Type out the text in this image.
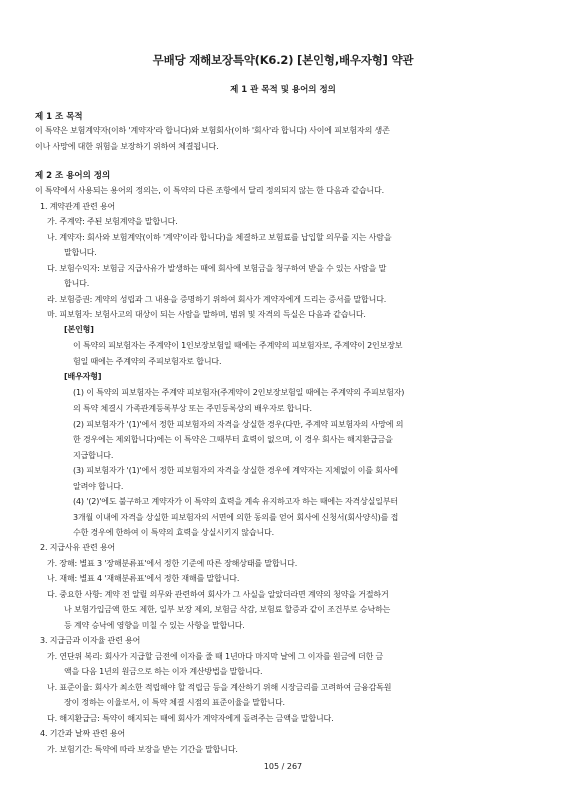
무배당 재해보장특약(K6.2) [본인형,배우자형] 약관
제 1 관 목적 및 용어의 정의
제 1 조 목적
이 특약은 보험계약자(이하 '계약자'라 합니다)와 보험회사(이하 '회사'라 합니다) 사이에 피보험자의 생존
이나 사망에 대한 위험을 보장하기 위하여 체결됩니다.
제 2 조 용어의 정의
이 특약에서 사용되는 용어의 정의는, 이 특약의 다른 조항에서 달리 정의되지 않는 한 다음과 같습니다.
1. 계약관계 관련 용어
가. 주계약: 주된 보험계약을 말합니다.
나. 계약자: 회사와 보험계약(이하 '계약'이라 합니다)을 체결하고 보험료를 납입할 의무를 지는 사람을
말합니다.
다. 보험수익자: 보험금 지급사유가 발생하는 때에 회사에 보험금을 청구하여 받을 수 있는 사람을 말
합니다.
라. 보험증권: 계약의 성립과 그 내용을 증명하기 위하여 회사가 계약자에게 드리는 증서를 말합니다.
마. 피보험자: 보험사고의 대상이 되는 사람을 말하며, 범위 및 자격의 득실은 다음과 같습니다.
[본인형]
이 특약의 피보험자는 주계약이 1인보장보험일 때에는 주계약의 피보험자로, 주계약이 2인보장보
험일 때에는 주계약의 주피보험자로 합니다.
[배우자형]
(1) 이 특약의 피보험자는 주계약 피보험자(주계약이 2인보장보험일 때에는 주계약의 주피보험자)
의 특약 체결시 가족관계등록부상 또는 주민등록상의 배우자로 합니다.
(2) 피보험자가 '(1)'에서 정한 피보험자의 자격을 상실한 경우(다만, 주계약 피보험자의 사망에 의
한 경우에는 제외합니다)에는 이 특약은 그때부터 효력이 없으며, 이 경우 회사는 해지환급금을
지급합니다.
(3) 피보험자가 '(1)'에서 정한 피보험자의 자격을 상실한 경우에 계약자는 지체없이 이를 회사에
알려야 합니다.
(4) '(2)'에도 불구하고 계약자가 이 특약의 효력을 계속 유지하고자 하는 때에는 자격상실일부터
3개월 이내에 자격을 상실한 피보험자의 서면에 의한 동의를 얻어 회사에 신청서(회사양식)를 접
수한 경우에 한하여 이 특약의 효력을 상실시키지 않습니다.
2. 지급사유 관련 용어
가. 장해: 별표 3 '장해분류표'에서 정한 기준에 따른 장해상태를 말합니다.
나. 재해: 별표 4 '재해분류표'에서 정한 재해를 말합니다.
다. 중요한 사항: 계약 전 알릴 의무와 관련하여 회사가 그 사실을 알았더라면 계약의 청약을 거절하거
나 보험가입금액 한도 제한, 일부 보장 제외, 보험금 삭감, 보험료 할증과 같이 조건부로 승낙하는
등 계약 승낙에 영향을 미칠 수 있는 사항을 말합니다.
3. 지급금과 이자율 관련 용어
가. 연단위 복리: 회사가 지급할 금전에 이자를 줄 때 1년마다 마지막 날에 그 이자를 원금에 더한 금
액을 다음 1년의 원금으로 하는 이자 계산방법을 말합니다.
나. 표준이율: 회사가 최소한 적립해야 할 적립금 등을 계산하기 위해 시장금리를 고려하여 금융감독원
장이 정하는 이율로서, 이 특약 체결 시점의 표준이율을 말합니다.
다. 해지환급금: 특약이 해지되는 때에 회사가 계약자에게 돌려주는 금액을 말합니다.
4. 기간과 날짜 관련 용어
가. 보험기간: 특약에 따라 보장을 받는 기간을 말합니다.
105 / 267
